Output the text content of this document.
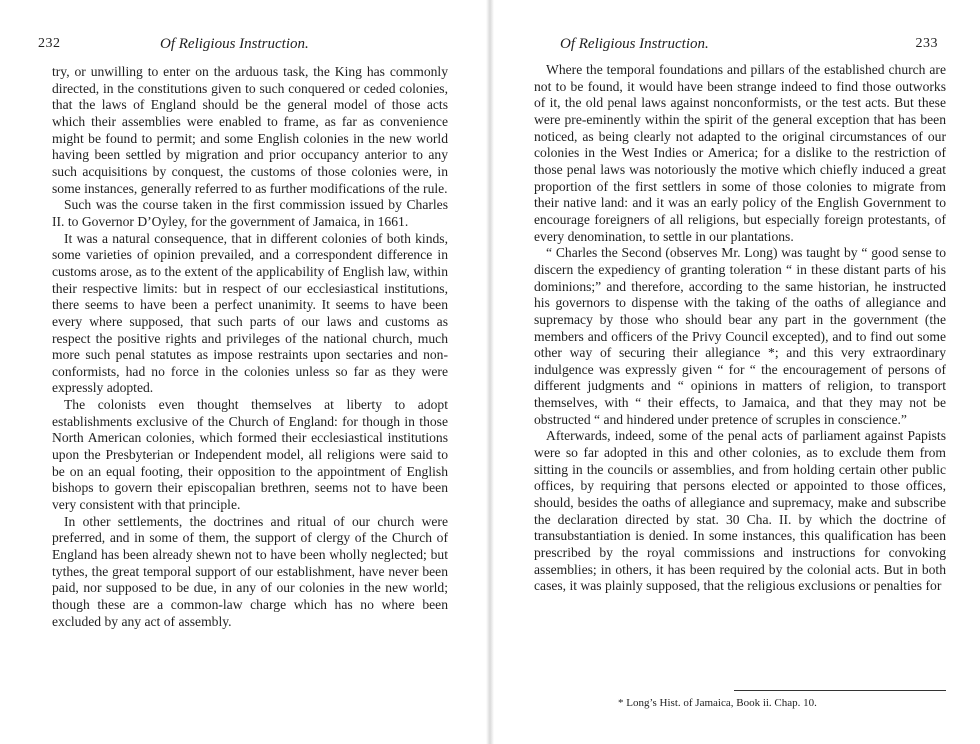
232	Of Religious Instruction.

try, or unwilling to enter on the arduous task, the King has commonly directed, in the constitutions given to such conquered or ceded colonies, that the laws of England should be the general model of those acts which their assemblies were enabled to frame, as far as convenience might be found to permit; and some English colonies in the new world having been settled by migration and prior occupancy anterior to any such acquisitions by conquest, the customs of those colonies were, in some instances, generally referred to as further modifications of the rule.

Such was the course taken in the first commission issued by Charles II. to Governor D’Oyley, for the government of Jamaica, in 1661.

It was a natural consequence, that in different colonies of both kinds, some varieties of opinion prevailed, and a correspondent difference in customs arose, as to the extent of the applicability of English law, within their respective limits: but in respect of our ecclesiastical institutions, there seems to have been a perfect unanimity. It seems to have been every where supposed, that such parts of our laws and customs as respect the positive rights and privileges of the national church, much more such penal statutes as impose restraints upon sectaries and non-conformists, had no force in the colonies unless so far as they were expressly adopted.

The colonists even thought themselves at liberty to adopt establishments exclusive of the Church of England: for though in those North American colonies, which formed their ecclesiastical institutions upon the Presbyterian or Independent model, all religions were said to be on an equal footing, their opposition to the appointment of English bishops to govern their episcopalian brethren, seems not to have been very consistent with that principle.

In other settlements, the doctrines and ritual of our church were preferred, and in some of them, the support of clergy of the Church of England has been already shewn not to have been wholly neglected; but tythes, the great temporal support of our establishment, have never been paid, nor supposed to be due, in any of our colonies in the new world; though these are a common-law charge which has no where been excluded by any act of assembly.

Of Religious Instruction.	233

Where the temporal foundations and pillars of the established church are not to be found, it would have been strange indeed to find those outworks of it, the old penal laws against nonconformists, or the test acts. But these were pre-eminently within the spirit of the general exception that has been noticed, as being clearly not adapted to the original circumstances of our colonies in the West Indies or America; for a dislike to the restriction of those penal laws was notoriously the motive which chiefly induced a great proportion of the first settlers in some of those colonies to migrate from their native land: and it was an early policy of the English Government to encourage foreigners of all religions, but especially foreign protestants, of every denomination, to settle in our plantations.

“ Charles the Second (observes Mr. Long) was taught by “ good sense to discern the expediency of granting toleration “ in these distant parts of his dominions;” and therefore, according to the same historian, he instructed his governors to dispense with the taking of the oaths of allegiance and supremacy by those who should bear any part in the government (the members and officers of the Privy Council excepted), and to find out some other way of securing their allegiance *; and this very extraordinary indulgence was expressly given “ for “ the encouragement of persons of different judgments and “ opinions in matters of religion, to transport themselves, with “ their effects, to Jamaica, and that they may not be obstructed “ and hindered under pretence of scruples in conscience.”

Afterwards, indeed, some of the penal acts of parliament against Papists were so far adopted in this and other colonies, as to exclude them from sitting in the councils or assemblies, and from holding certain other public offices, by requiring that persons elected or appointed to those offices, should, besides the oaths of allegiance and supremacy, make and subscribe the declaration directed by stat. 30 Cha. II. by which the doctrine of transubstantiation is denied. In some instances, this qualification has been prescribed by the royal commissions and instructions for convoking assemblies; in others, it has been required by the colonial acts. But in both cases, it was plainly supposed, that the religious exclusions or penalties for

* Long’s Hist. of Jamaica, Book ii. Chap. 10.
